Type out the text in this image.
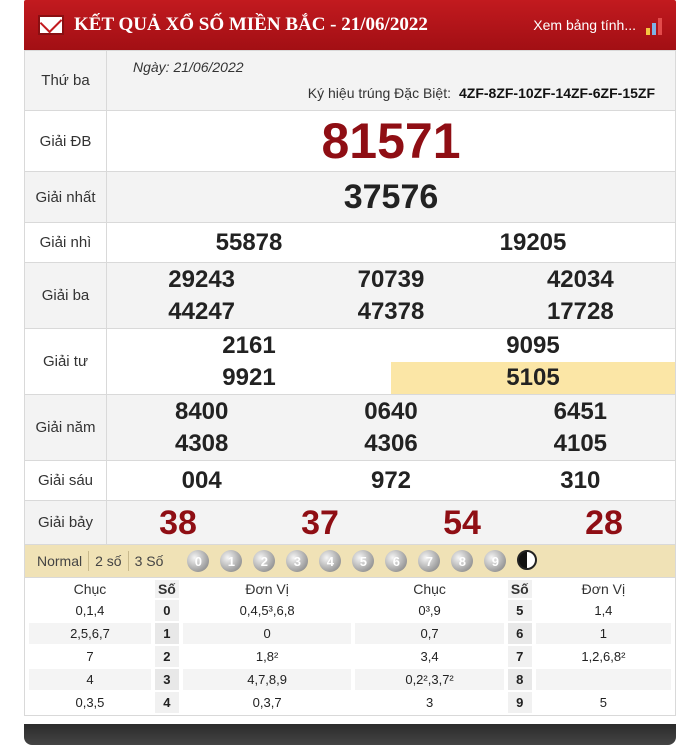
KẾT QUẢ XỔ SỐ MIỀN BẮC - 21/06/2022	Xem bảng tính...
Thứ ba
Ngày: 21/06/2022
Ký hiệu trúng Đặc Biệt: 4ZF-8ZF-10ZF-14ZF-6ZF-15ZF
Giải ĐB	81571
Giải nhất	37576
Giải nhì	55878	19205
Giải ba
29243	70739	42034
44247	47378	17728
Giải tư
2161	9095
9921	5105
Giải năm
8400	0640	6451
4308	4306	4105
Giải sáu	004	972	310
Giải bảy	38	37	54	28
Normal 2 số 3 Số	0	1	2	3	4	5	6	7	8	9
Chục	Số	Đơn Vị	Chục	Số	Đơn Vị
0,1,4	0	0,4,5³,6,8	0³,9	5	1,4
2,5,6,7	1	0	0,7	6	1
7	2	1,8²	3,4	7	1,2,6,8²
4	3	4,7,8,9	0,2²,3,7²	8	
0,3,5	4	0,3,7	3	9	5
